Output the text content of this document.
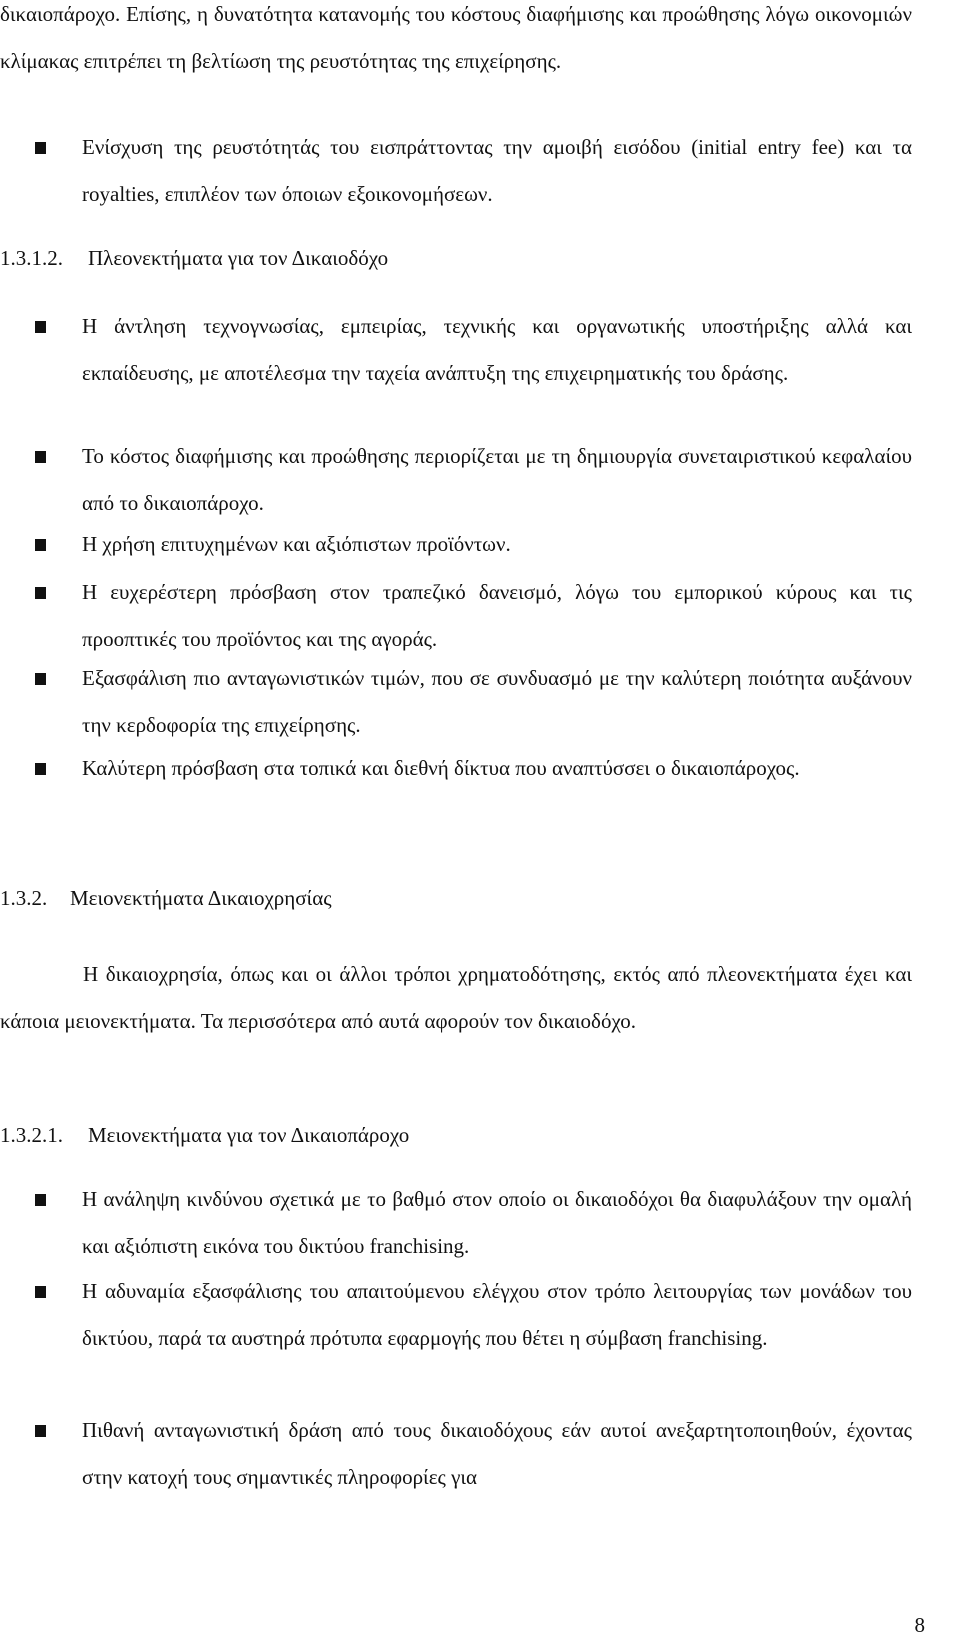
δικαιοπάροχο. Επίσης, η δυνατότητα κατανομής του κόστους διαφήμισης και προώθησης λόγω οικονομιών κλίμακας επιτρέπει τη βελτίωση της ρευστότητας της επιχείρησης.

Ενίσχυση της ρευστότητάς του εισπράττοντας την αμοιβή εισόδου (initial entry fee) και τα royalties, επιπλέον των όποιων εξοικονομήσεων.

1.3.1.2. Πλεονεκτήματα για τον Δικαιοδόχο

Η άντληση τεχνογνωσίας, εμπειρίας, τεχνικής και οργανωτικής υποστήριξης αλλά και εκπαίδευσης, με αποτέλεσμα την ταχεία ανάπτυξη της επιχειρηματικής του δράσης.

Το κόστος διαφήμισης και προώθησης περιορίζεται με τη δημιουργία συνεταιριστικού κεφαλαίου από το δικαιοπάροχο.

Η χρήση επιτυχημένων και αξιόπιστων προϊόντων.

Η ευχερέστερη πρόσβαση στον τραπεζικό δανεισμό, λόγω του εμπορικού κύρους και τις προοπτικές του προϊόντος και της αγοράς.

Εξασφάλιση πιο ανταγωνιστικών τιμών, που σε συνδυασμό με την καλύτερη ποιότητα αυξάνουν την κερδοφορία της επιχείρησης.

Καλύτερη πρόσβαση στα τοπικά και διεθνή δίκτυα που αναπτύσσει ο δικαιοπάροχος.

1.3.2. Μειονεκτήματα Δικαιοχρησίας

Η δικαιοχρησία, όπως και οι άλλοι τρόποι χρηματοδότησης, εκτός από πλεονεκτήματα έχει και κάποια μειονεκτήματα. Τα περισσότερα από αυτά αφορούν τον δικαιοδόχο.

1.3.2.1. Μειονεκτήματα για τον Δικαιοπάροχο

Η ανάληψη κινδύνου σχετικά με το βαθμό στον οποίο οι δικαιοδόχοι θα διαφυλάξουν την ομαλή και αξιόπιστη εικόνα του δικτύου franchising.

Η αδυναμία εξασφάλισης του απαιτούμενου ελέγχου στον τρόπο λειτουργίας των μονάδων του δικτύου, παρά τα αυστηρά πρότυπα εφαρμογής που θέτει η σύμβαση franchising.

Πιθανή ανταγωνιστική δράση από τους δικαιοδόχους εάν αυτοί ανεξαρτητοποιηθούν, έχοντας στην κατοχή τους σημαντικές πληροφορίες για

8
